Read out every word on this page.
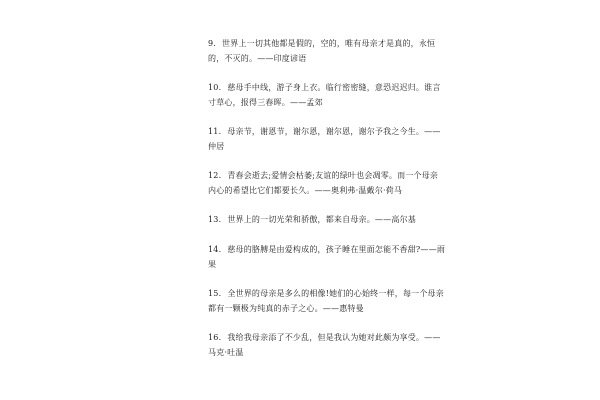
9. 世界上一切其他都是假的，空的，唯有母亲才是真的，永恒
的，不灭的。——印度谚语
10. 慈母手中线，游子身上衣。临行密密缝，意恐迟迟归。谁言
寸草心，报得三春晖。——孟郊
11. 母亲节，谢恩节，谢尔恩，谢尔恩，谢尔予我之今生。——
仲居
12. 青春会逝去;爱情会枯萎;友谊的绿叶也会凋零。而一个母亲
内心的希望比它们都要长久。——奥利弗·温戴尔·荷马
13. 世界上的一切光荣和骄傲，都来自母亲。——高尔基
14. 慈母的胳膊是由爱构成的，孩子睡在里面怎能不香甜?——雨
果
15. 全世界的母亲是多么的相像!她们的心始终一样，每一个母亲
都有一颗极为纯真的赤子之心。——惠特曼
16. 我给我母亲添了不少乱，但是我认为她对此颇为享受。——
马克·吐温
